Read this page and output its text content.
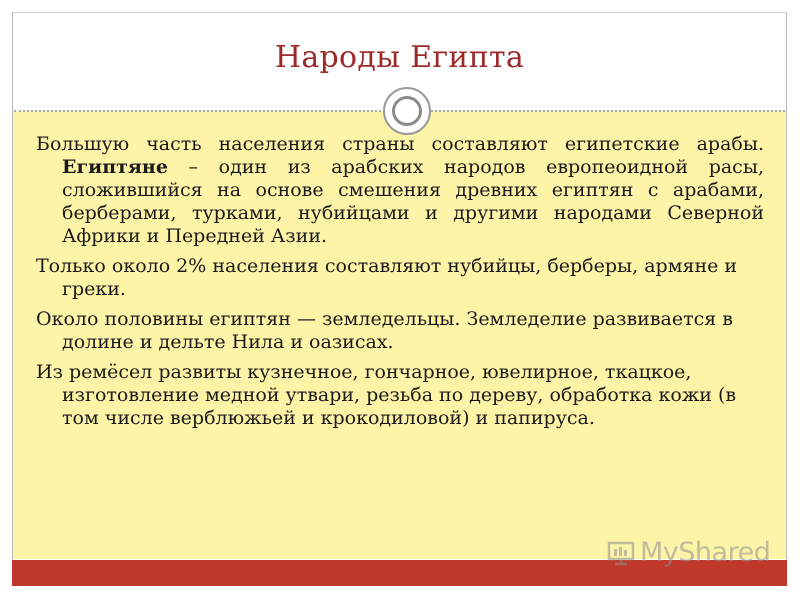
Народы Египта

Большую часть населения страны составляют египетские арабы. Египтяне – один из арабских народов европеоидной расы, сложившийся на основе смешения древних египтян с арабами, берберами, турками, нубийцами и другими народами Северной Африки и Передней Азии.

Только около 2% населения составляют нубийцы, берберы, армяне и греки.

Около половины египтян — земледельцы. Земледелие развивается в долине и дельте Нила и оазисах.

Из ремёсел развиты кузнечное, гончарное, ювелирное, ткацкое, изготовление медной утвари, резьба по дереву, обработка кожи (в том числе верблюжьей и крокодиловой) и папируса.

MyShared
